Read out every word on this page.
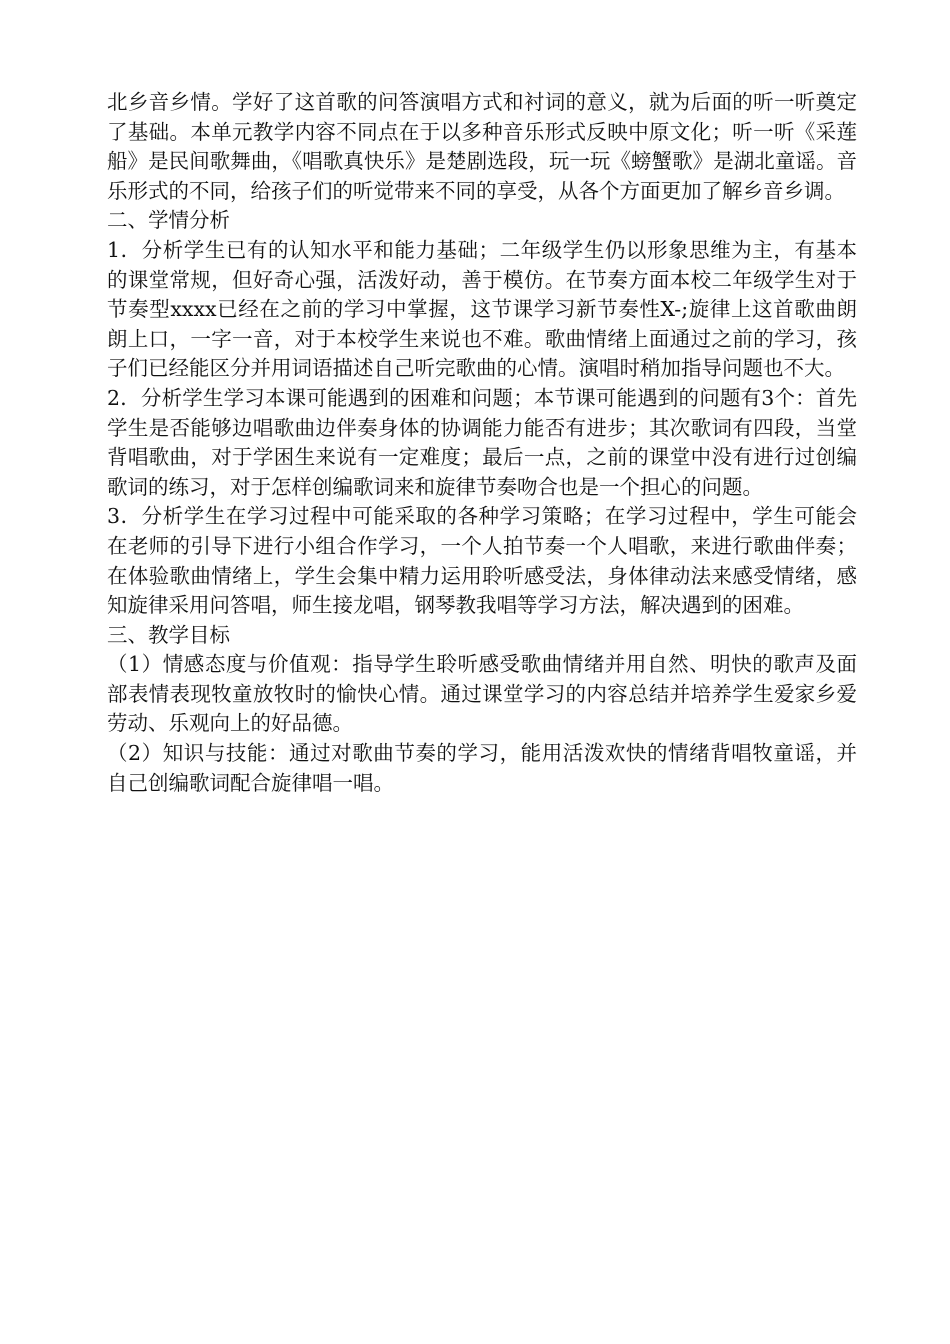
北乡音乡情。学好了这首歌的问答演唱方式和衬词的意义，就为后面的听一听奠定了基础。本单元教学内容不同点在于以多种音乐形式反映中原文化；听一听《采莲船》是民间歌舞曲，《唱歌真快乐》是楚剧选段，玩一玩《螃蟹歌》是湖北童谣。音乐形式的不同，给孩子们的听觉带来不同的享受，从各个方面更加了解乡音乡调。

二、学情分析

1．分析学生已有的认知水平和能力基础；二年级学生仍以形象思维为主，有基本的课堂常规，但好奇心强，活泼好动，善于模仿。在节奏方面本校二年级学生对于节奏型xxxx已经在之前的学习中掌握，这节课学习新节奏性X-;旋律上这首歌曲朗朗上口，一字一音，对于本校学生来说也不难。歌曲情绪上面通过之前的学习，孩子们已经能区分并用词语描述自己听完歌曲的心情。演唱时稍加指导问题也不大。

2．分析学生学习本课可能遇到的困难和问题；本节课可能遇到的问题有3个：首先学生是否能够边唱歌曲边伴奏身体的协调能力能否有进步；其次歌词有四段，当堂背唱歌曲，对于学困生来说有一定难度；最后一点，之前的课堂中没有进行过创编歌词的练习，对于怎样创编歌词来和旋律节奏吻合也是一个担心的问题。

3．分析学生在学习过程中可能采取的各种学习策略；在学习过程中，学生可能会在老师的引导下进行小组合作学习，一个人拍节奏一个人唱歌，来进行歌曲伴奏；在体验歌曲情绪上，学生会集中精力运用聆听感受法，身体律动法来感受情绪，感知旋律采用问答唱，师生接龙唱，钢琴教我唱等学习方法，解决遇到的困难。

三、教学目标

（1）情感态度与价值观：指导学生聆听感受歌曲情绪并用自然、明快的歌声及面部表情表现牧童放牧时的愉快心情。通过课堂学习的内容总结并培养学生爱家乡爱劳动、乐观向上的好品德。

（2）知识与技能：通过对歌曲节奏的学习，能用活泼欢快的情绪背唱牧童谣，并自己创编歌词配合旋律唱一唱。
